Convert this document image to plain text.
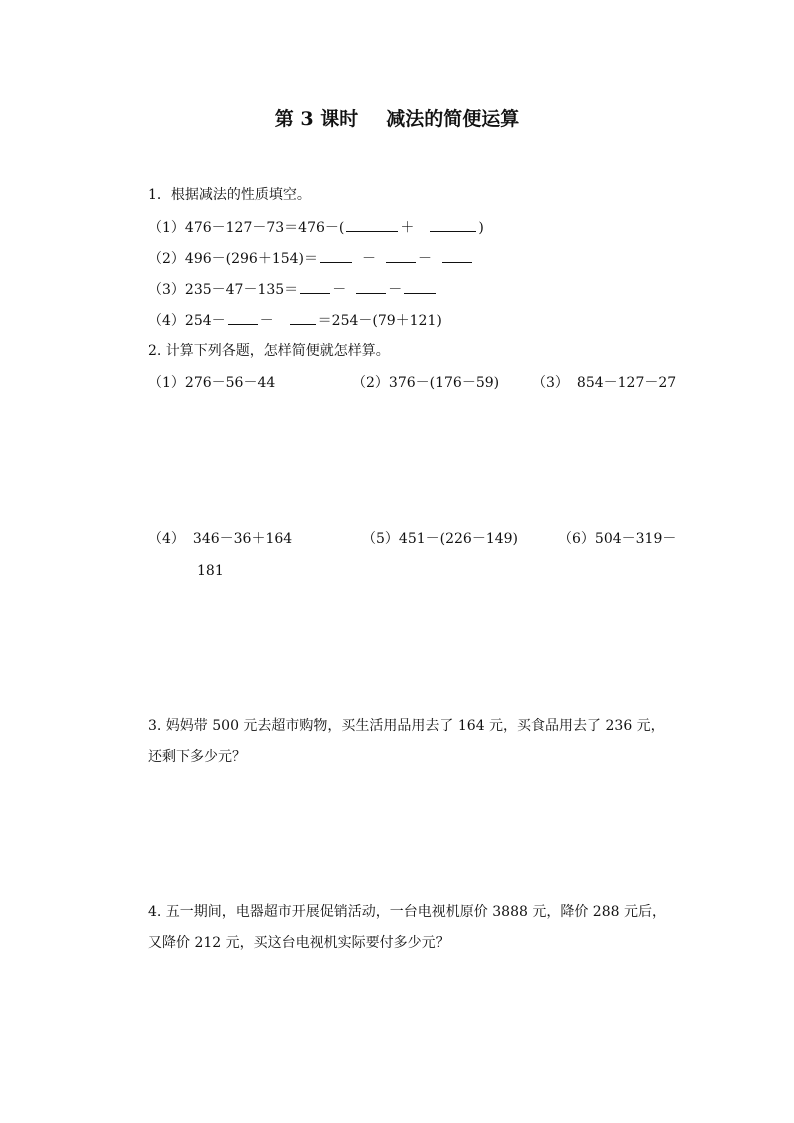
第 3 课时 减法的简便运算
1．根据减法的性质填空。
（1）476－127－73＝476－(	＋	)
（2）496－(296＋154)＝	－	－
（3）235－47－135＝ －	－
（4）254－ －	＝254－(79＋121)
2. 计算下列各题，怎样简便就怎样算。
（1）276－56－44	（2）376－(176－59) （3） 854－127－27
（4） 346－36＋164	（5）451－(226－149)	（6）504－319－
181
3. 妈妈带 500 元去超市购物，买生活用品用去了 164 元，买食品用去了 236 元，还剩下多少元？
4. 五一期间，电器超市开展促销活动，一台电视机原价 3888 元，降价 288 元后，又降价 212 元，买这台电视机实际要付多少元？
